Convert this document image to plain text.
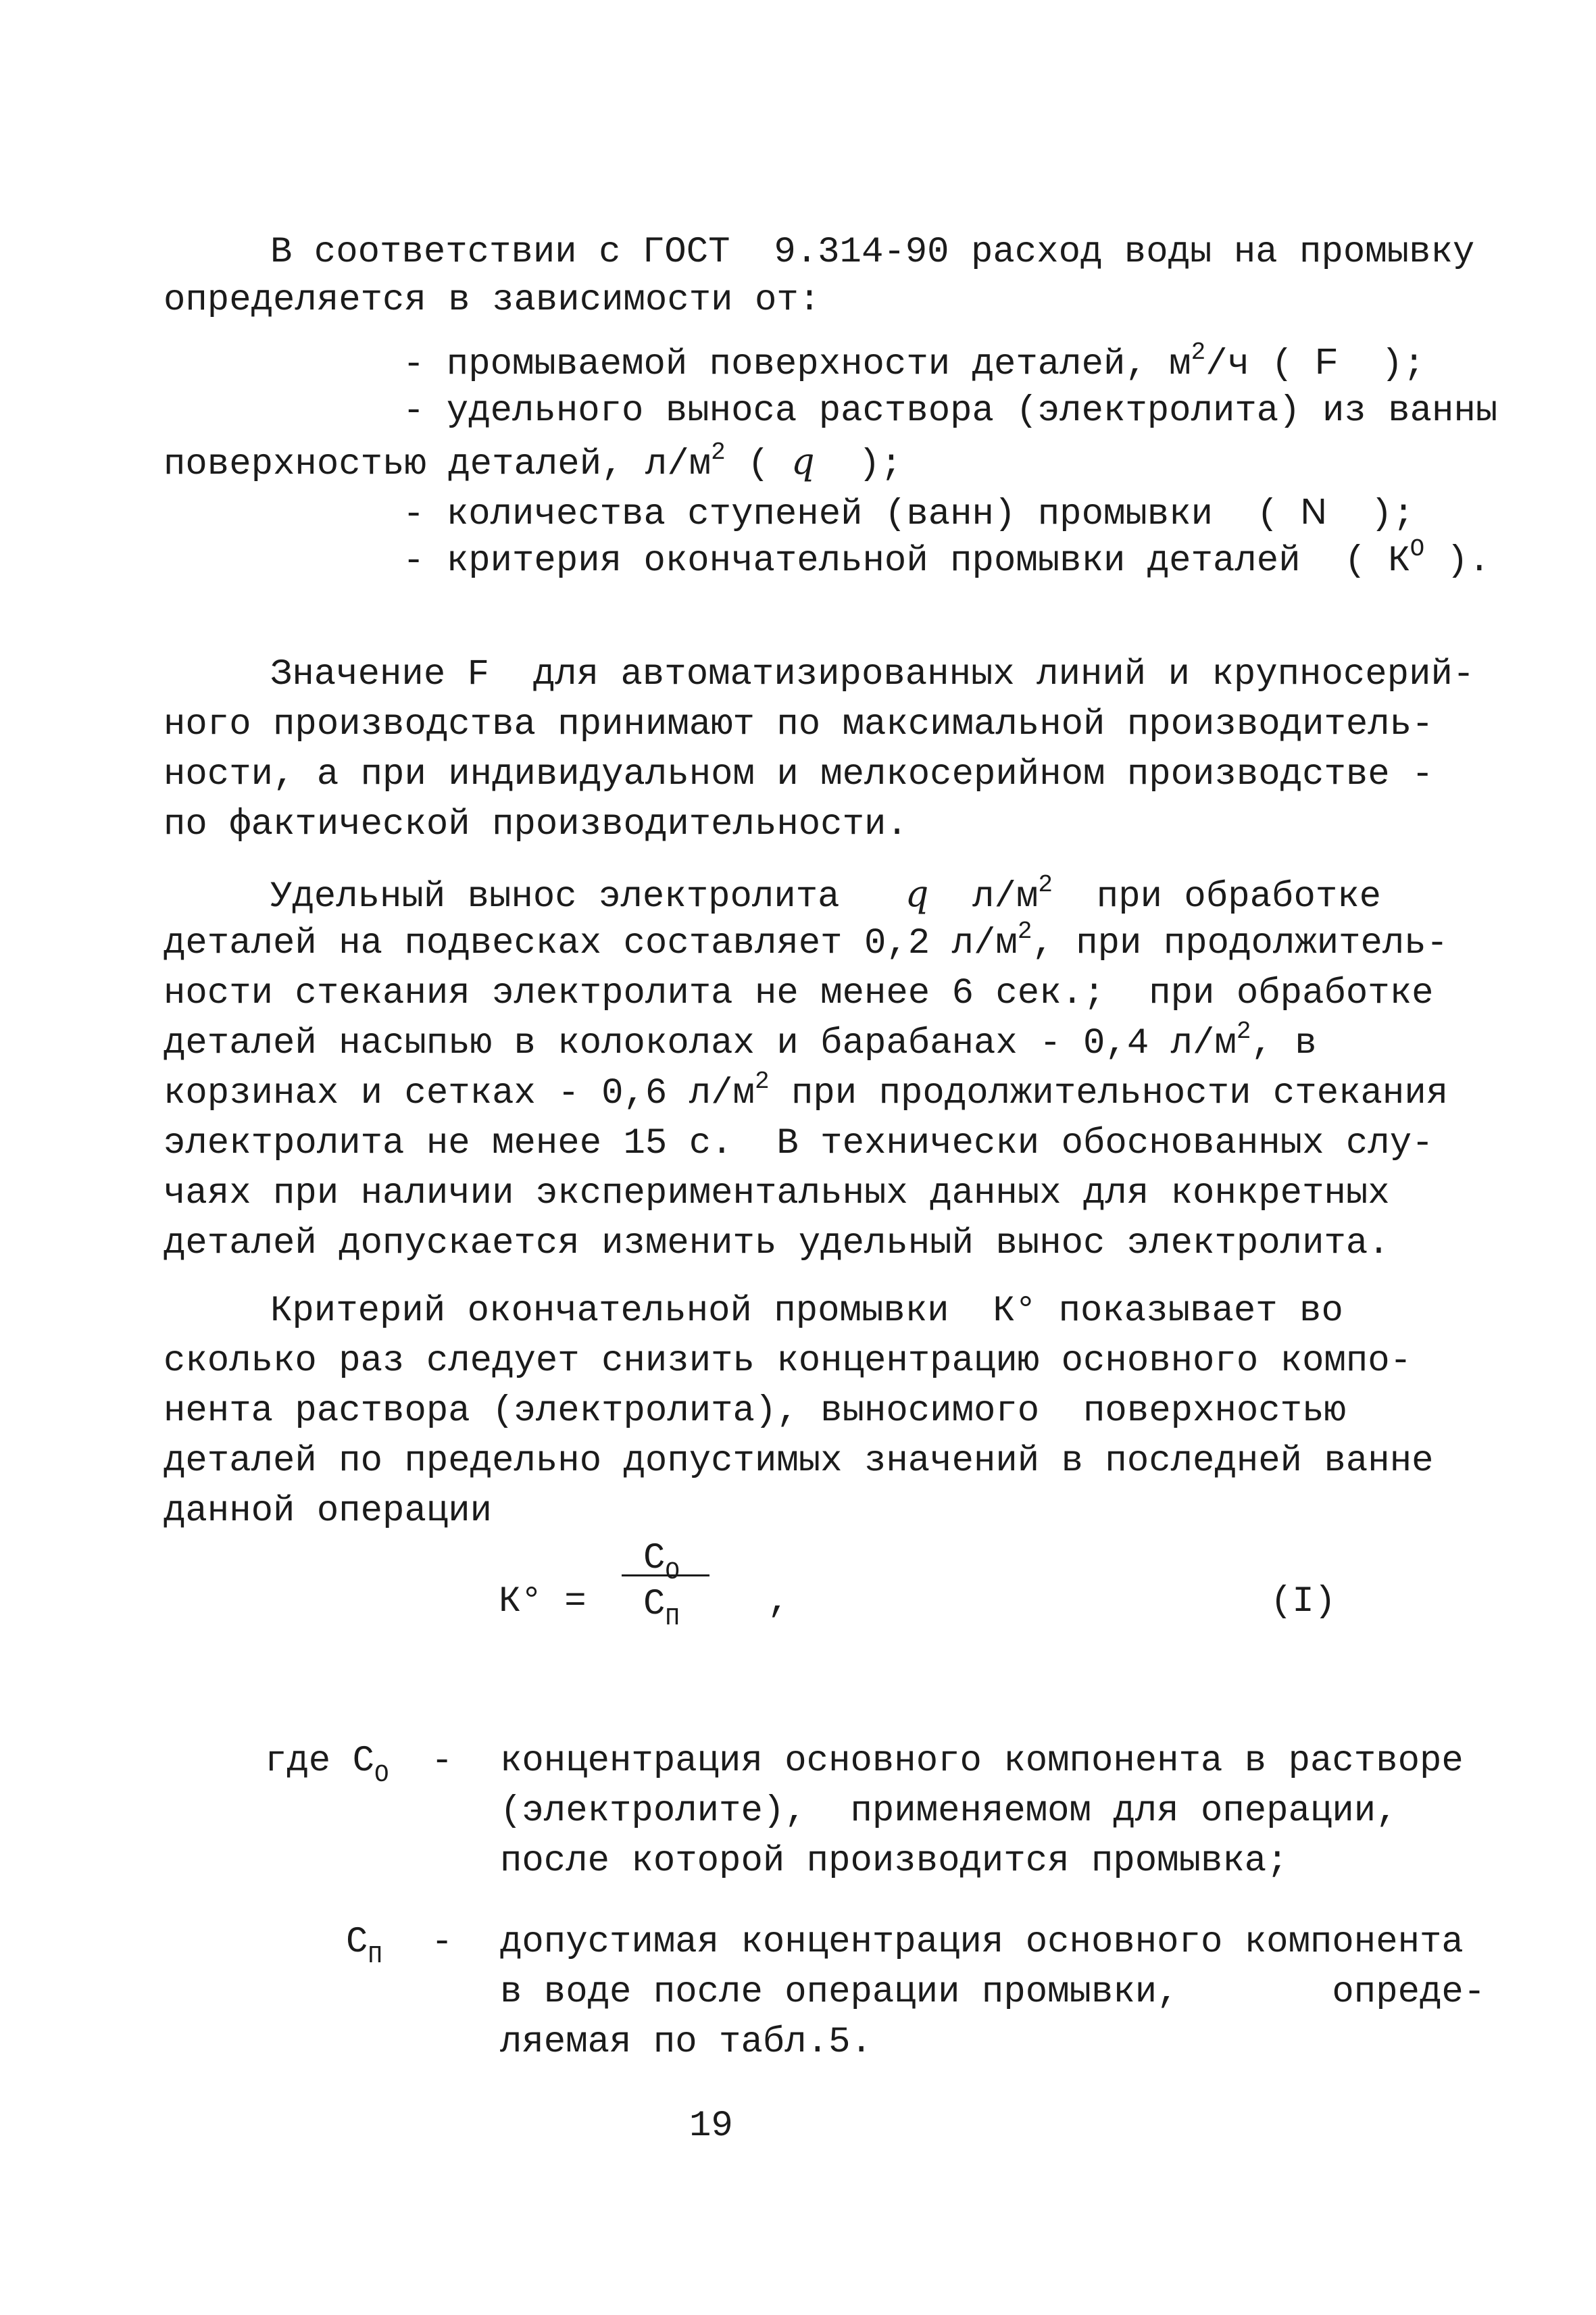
В соответствии с ГОСТ  9.314-90 расход воды на промывку
определяется в зависимости от:
- промываемой поверхности деталей, $м^2/ч$ ( F  );
- удельного выноса раствора (электролита) из ванны
поверхностью деталей, $л/м^2$ ( q  );
- количества ступеней (ванн) промывки  ( N  );
- критерия окончательной промывки деталей  ( $К^О$ ).
Значение F  для автоматизированных линий и крупносерий-
ного производства принимают по максимальной производитель-
ности, а при индивидуальном и мелкосерийном производстве -
по фактической производительности.
Удельный вынос электролита   q  $л/м^2$  при обработке
деталей на подвесках составляет 0,2 $л/м^2$, при продолжитель-
ности стекания электролита не менее 6 сек.;  при обработке
деталей насыпью в колоколах и барабанах - 0,4 $л/м^2$, в
корзинах и сетках - 0,6 $л/м^2$ при продолжительности стекания
электролита не менее 15 с.  В технически обоснованных слу-
чаях при наличии экспериментальных данных для конкретных
деталей допускается изменить удельный вынос электролита.
Критерий окончательной промывки  К° показывает во
сколько раз следует снизить концентрацию основного компо-
нента раствора (электролита), выносимого  поверхностью
деталей по предельно допустимых значений в последней ванне
данной операции
К° =
$С_О$
$С_П$ ,	(I)
где $С_О$ - концентрация основного компонента в растворе
(электролите),  применяемом для операции,
после которой производится промывка;
$С_П$ - допустимая концентрация основного компонента
в воде после операции промывки,       опреде-
ляемая по табл.5.
19
